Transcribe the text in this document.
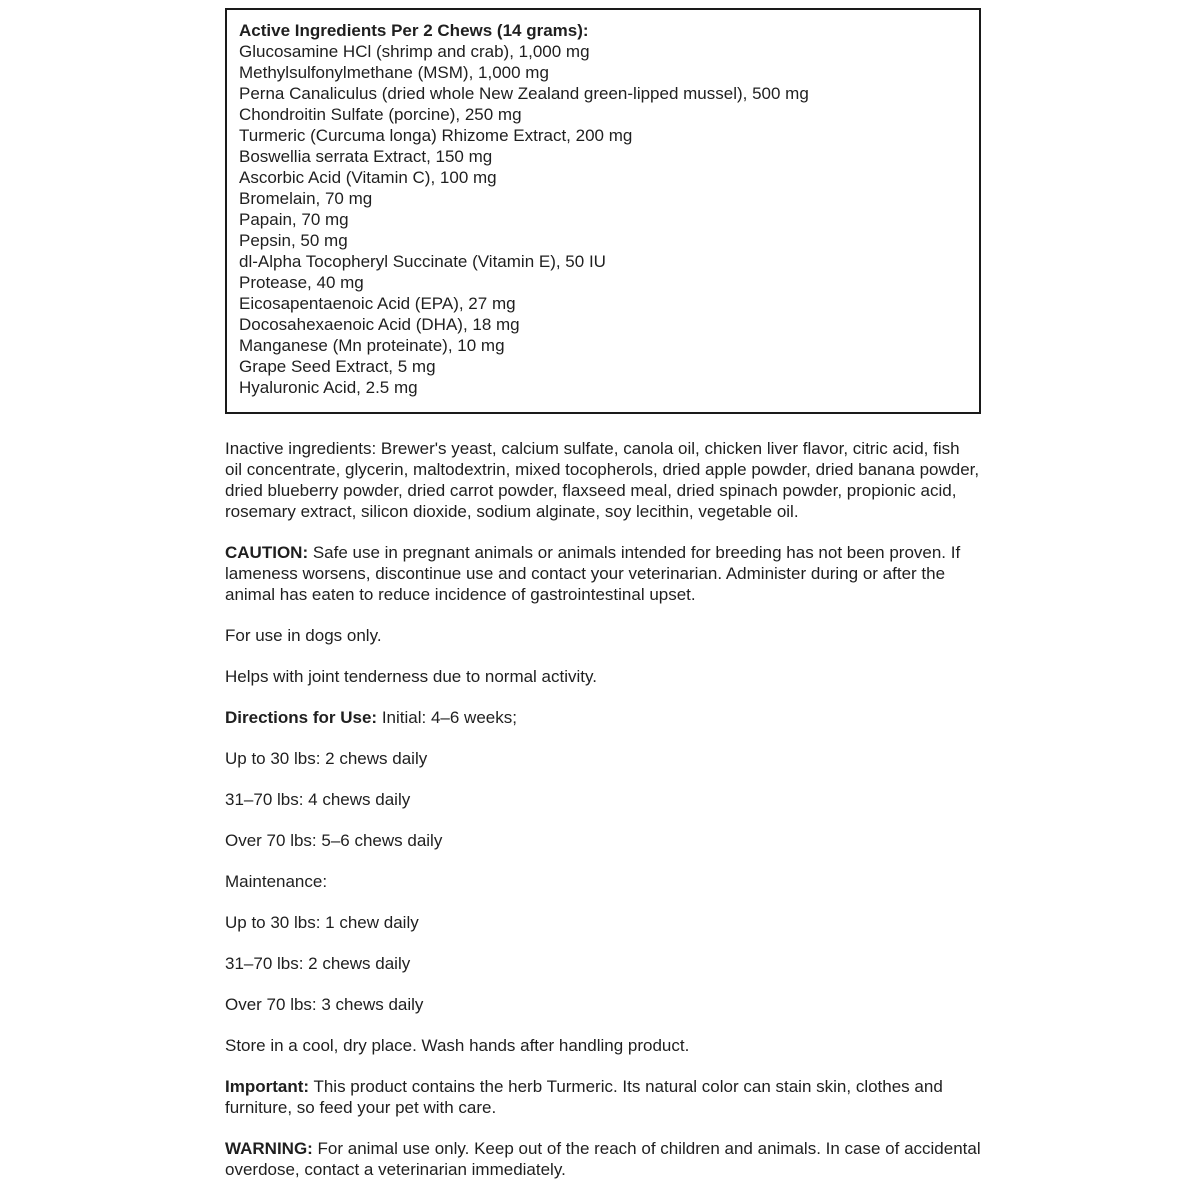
Active Ingredients Per 2 Chews (14 grams):
Glucosamine HCl (shrimp and crab), 1,000 mg
Methylsulfonylmethane (MSM), 1,000 mg
Perna Canaliculus (dried whole New Zealand green-lipped mussel), 500 mg
Chondroitin Sulfate (porcine), 250 mg
Turmeric (Curcuma longa) Rhizome Extract, 200 mg
Boswellia serrata Extract, 150 mg
Ascorbic Acid (Vitamin C), 100 mg
Bromelain, 70 mg
Papain, 70 mg
Pepsin, 50 mg
dl-Alpha Tocopheryl Succinate (Vitamin E), 50 IU
Protease, 40 mg
Eicosapentaenoic Acid (EPA), 27 mg
Docosahexaenoic Acid (DHA), 18 mg
Manganese (Mn proteinate), 10 mg
Grape Seed Extract, 5 mg
Hyaluronic Acid, 2.5 mg

Inactive ingredients: Brewer's yeast, calcium sulfate, canola oil, chicken liver flavor, citric acid, fish oil concentrate, glycerin, maltodextrin, mixed tocopherols, dried apple powder, dried banana powder, dried blueberry powder, dried carrot powder, flaxseed meal, dried spinach powder, propionic acid, rosemary extract, silicon dioxide, sodium alginate, soy lecithin, vegetable oil.

CAUTION: Safe use in pregnant animals or animals intended for breeding has not been proven. If lameness worsens, discontinue use and contact your veterinarian. Administer during or after the animal has eaten to reduce incidence of gastrointestinal upset.

For use in dogs only.

Helps with joint tenderness due to normal activity.

Directions for Use: Initial: 4–6 weeks;

Up to 30 lbs: 2 chews daily

31–70 lbs: 4 chews daily

Over 70 lbs: 5–6 chews daily

Maintenance:

Up to 30 lbs: 1 chew daily

31–70 lbs: 2 chews daily

Over 70 lbs: 3 chews daily

Store in a cool, dry place. Wash hands after handling product.

Important: This product contains the herb Turmeric. Its natural color can stain skin, clothes and furniture, so feed your pet with care.

WARNING: For animal use only. Keep out of the reach of children and animals. In case of accidental overdose, contact a veterinarian immediately.
